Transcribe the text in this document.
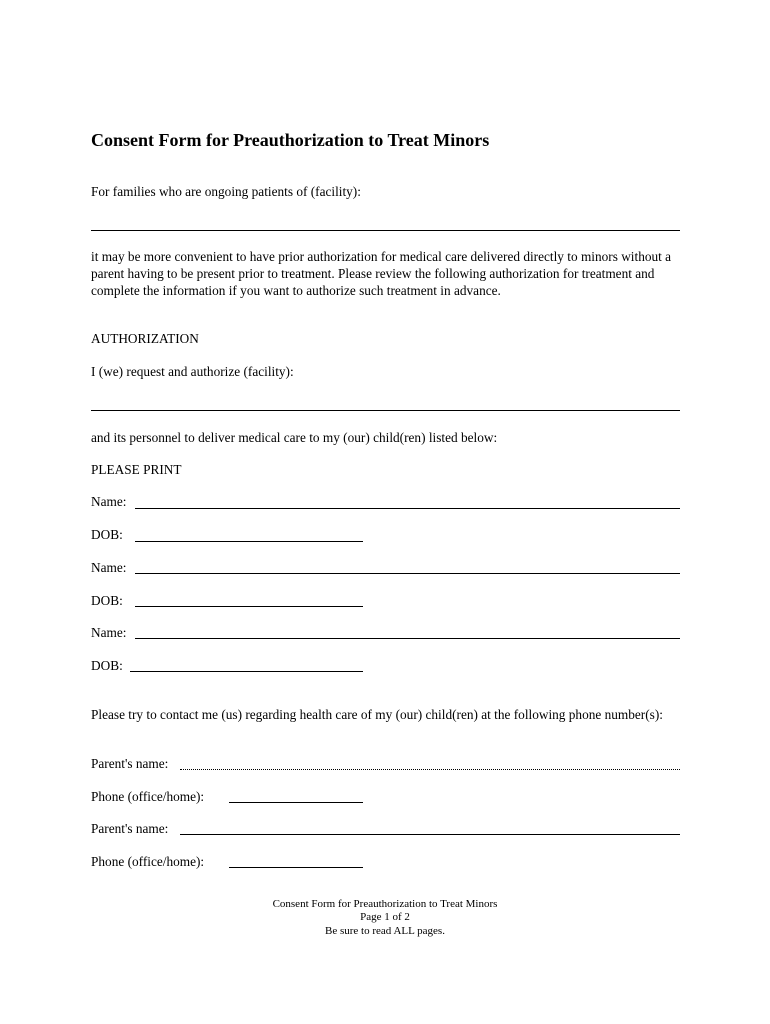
Consent Form for Preauthorization to Treat Minors
For families who are ongoing patients of (facility):
it may be more convenient to have prior authorization for medical care delivered directly to minors without a parent having to be present prior to treatment. Please review the following authorization for treatment and complete the information if you want to authorize such treatment in advance.
AUTHORIZATION
I (we) request and authorize (facility):
and its personnel to deliver medical care to my (our) child(ren) listed below:
PLEASE PRINT
Name:
DOB:
Name:
DOB:
Name:
DOB:
Please try to contact me (us) regarding health care of my (our) child(ren) at the following phone number(s):
Parent's name:
Phone (office/home):
Parent's name:
Phone (office/home):
Consent Form for Preauthorization to Treat Minors
Page 1 of 2
Be sure to read ALL pages.
